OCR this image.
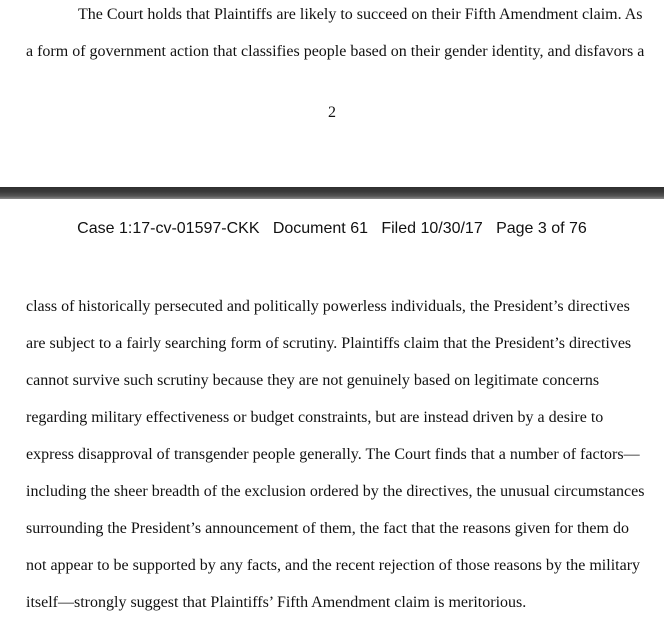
The Court holds that Plaintiffs are likely to succeed on their Fifth Amendment claim. As
a form of government action that classifies people based on their gender identity, and disfavors a
2
Case 1:17-cv-01597-CKK   Document 61   Filed 10/30/17   Page 3 of 76
class of historically persecuted and politically powerless individuals, the President’s directives
are subject to a fairly searching form of scrutiny. Plaintiffs claim that the President’s directives
cannot survive such scrutiny because they are not genuinely based on legitimate concerns
regarding military effectiveness or budget constraints, but are instead driven by a desire to
express disapproval of transgender people generally. The Court finds that a number of factors—
including the sheer breadth of the exclusion ordered by the directives, the unusual circumstances
surrounding the President’s announcement of them, the fact that the reasons given for them do
not appear to be supported by any facts, and the recent rejection of those reasons by the military
itself—strongly suggest that Plaintiffs’ Fifth Amendment claim is meritorious.
